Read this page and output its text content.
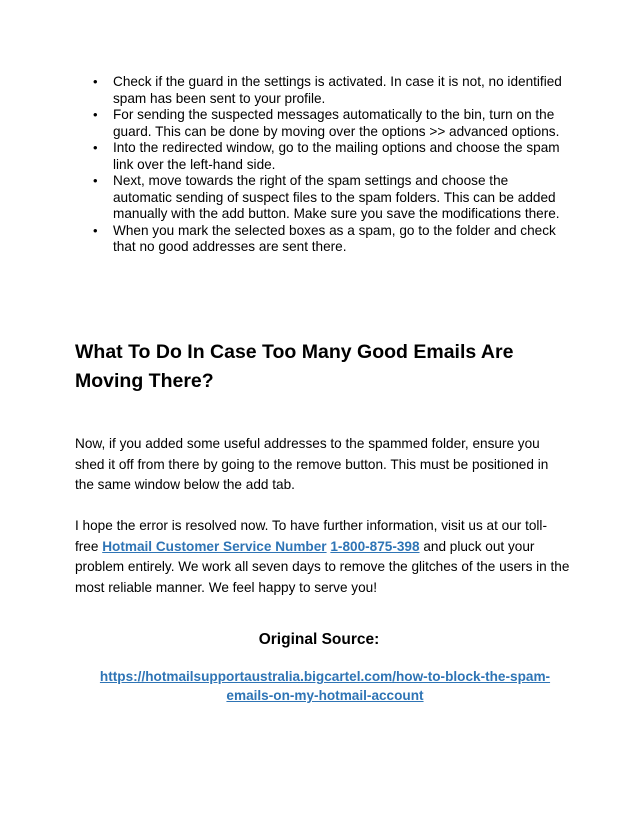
•	Check if the guard in the settings is activated. In case it is not, no identified spam has been sent to your profile.
•	For sending the suspected messages automatically to the bin, turn on the guard. This can be done by moving over the options >> advanced options.
•	Into the redirected window, go to the mailing options and choose the spam link over the left-hand side.
•	Next, move towards the right of the spam settings and choose the automatic sending of suspect files to the spam folders. This can be added manually with the add button. Make sure you save the modifications there.
•	When you mark the selected boxes as a spam, go to the folder and check that no good addresses are sent there.
What To Do In Case Too Many Good Emails Are Moving There?

Now, if you added some useful addresses to the spammed folder, ensure you shed it off from there by going to the remove button. This must be positioned in the same window below the add tab.

I hope the error is resolved now. To have further information, visit us at our toll-free Hotmail Customer Service Number 1-800-875-398 and pluck out your problem entirely. We work all seven days to remove the glitches of the users in the most reliable manner. We feel happy to serve you!

Original Source:

https://hotmailsupportaustralia.bigcartel.com/how-to-block-the-spam-
emails-on-my-hotmail-account
